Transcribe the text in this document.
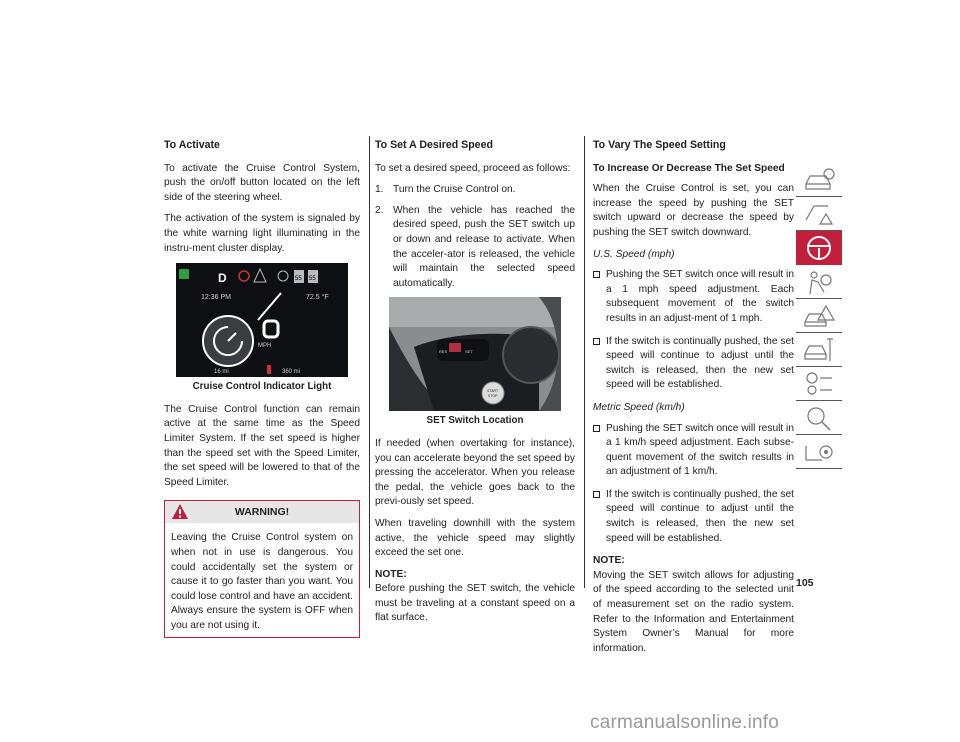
To Activate

To activate the Cruise Control System, push the on/off button located on the left side of the steering wheel.

The activation of the system is signaled by the white warning light illuminating in the instru-ment cluster display.

D	55 55
12:36 PM	72.5 °F
MPH
16 mi	360 mi
Cruise Control Indicator Light

The Cruise Control function can remain active at the same time as the Speed Limiter System. If the set speed is higher than the speed set with the Speed Limiter, the set speed will be lowered to that of the Speed Limiter.

WARNING!
Leaving the Cruise Control system on when not in use is dangerous. You could accidentally set the system or cause it to go faster than you want. You could lose control and have an accident. Always ensure the system is OFF when you are not using it.
To Set A Desired Speed

To set a desired speed, proceed as follows:

1. Turn the Cruise Control on.
2. When the vehicle has reached the desired speed, push the SET switch up or down and release to activate. When the acceler-ator is released, the vehicle will maintain the selected speed automatically.
RES	SET
START
STOP
SET Switch Location

If needed (when overtaking for instance), you can accelerate beyond the set speed by pressing the accelerator. When you release the pedal, the vehicle goes back to the previ-ously set speed.

When traveling downhill with the system active, the vehicle speed may slightly exceed the set one.

NOTE:
Before pushing the SET switch, the vehicle must be traveling at a constant speed on a flat surface.

To Vary The Speed Setting
To Increase Or Decrease The Set Speed

When the Cruise Control is set, you can increase the speed by pushing the SET switch upward or decrease the speed by pushing the SET switch downward.

U.S. Speed (mph)
Pushing the SET switch once will result in a 1 mph speed adjustment. Each subsequent movement of the switch results in an adjust-ment of 1 mph.
If the switch is continually pushed, the set speed will continue to adjust until the switch is released, then the new set speed will be established.
Metric Speed (km/h)
Pushing the SET switch once will result in a 1 km/h speed adjustment. Each subse-quent movement of the switch results in an adjustment of 1 km/h.
If the switch is continually pushed, the set speed will continue to adjust until the switch is released, then the new set speed will be established.

NOTE:
Moving the SET switch allows for adjusting of the speed according to the selected unit of measurement set on the radio system. Refer to the Information and Entertainment System Owner’s Manual for more information.

105
carmanualsonline.info
